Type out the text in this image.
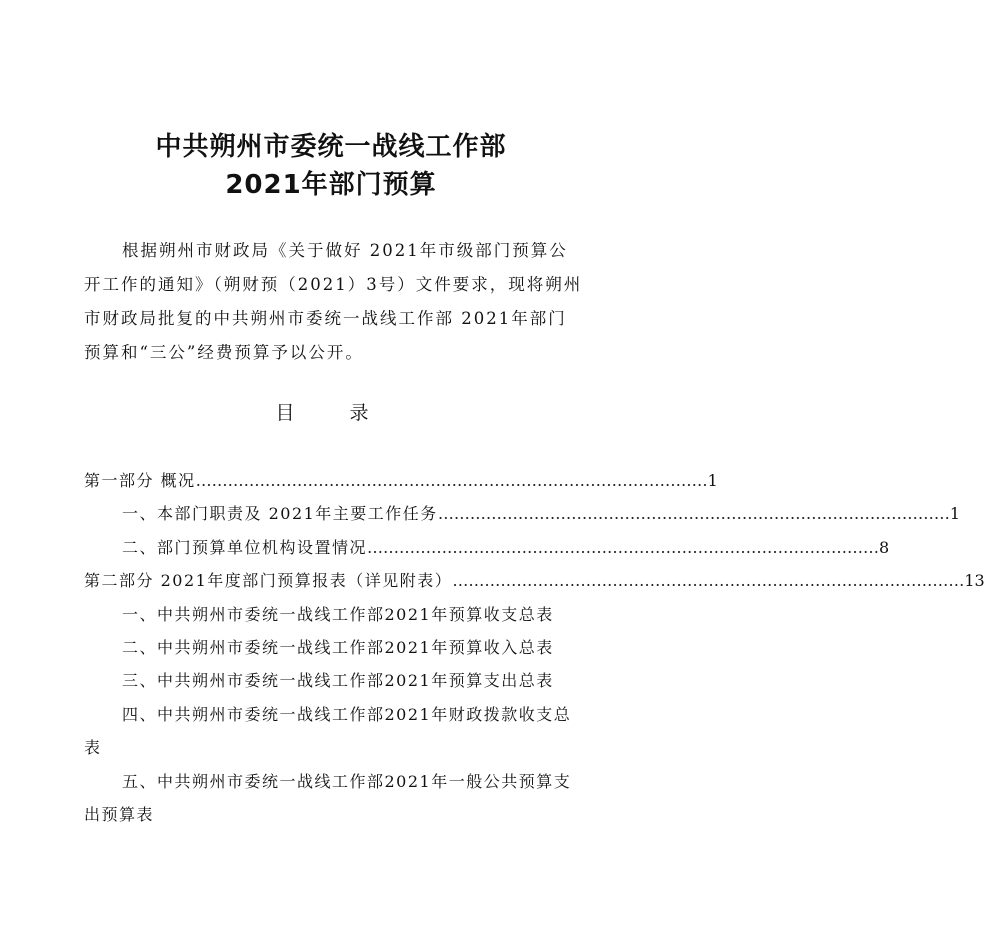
中共朔州市委统一战线工作部
2021年部门预算
根据朔州市财政局《关于做好 2021年市级部门预算公开工作的通知》（朔财预（2021）3号）文件要求，现将朔州市财政局批复的中共朔州市委统一战线工作部 2021年部门预算和“三公”经费预算予以公开。
目　录
第一部分 概况 …………………………………………………………………………………… 1
一、本部门职责及 2021年主要工作任务 …………………………………………………………………………………… 1
二、部门预算单位机构设置情况 …………………………………………………………………………………… 8
第二部分 2021年度部门预算报表（详见附表） …………………………………………………………………………………… 13
一、中共朔州市委统一战线工作部2021年预算收支总表
二、中共朔州市委统一战线工作部2021年预算收入总表
三、中共朔州市委统一战线工作部2021年预算支出总表
四、中共朔州市委统一战线工作部2021年财政拨款收支总表
五、中共朔州市委统一战线工作部2021年一般公共预算支出预算表
